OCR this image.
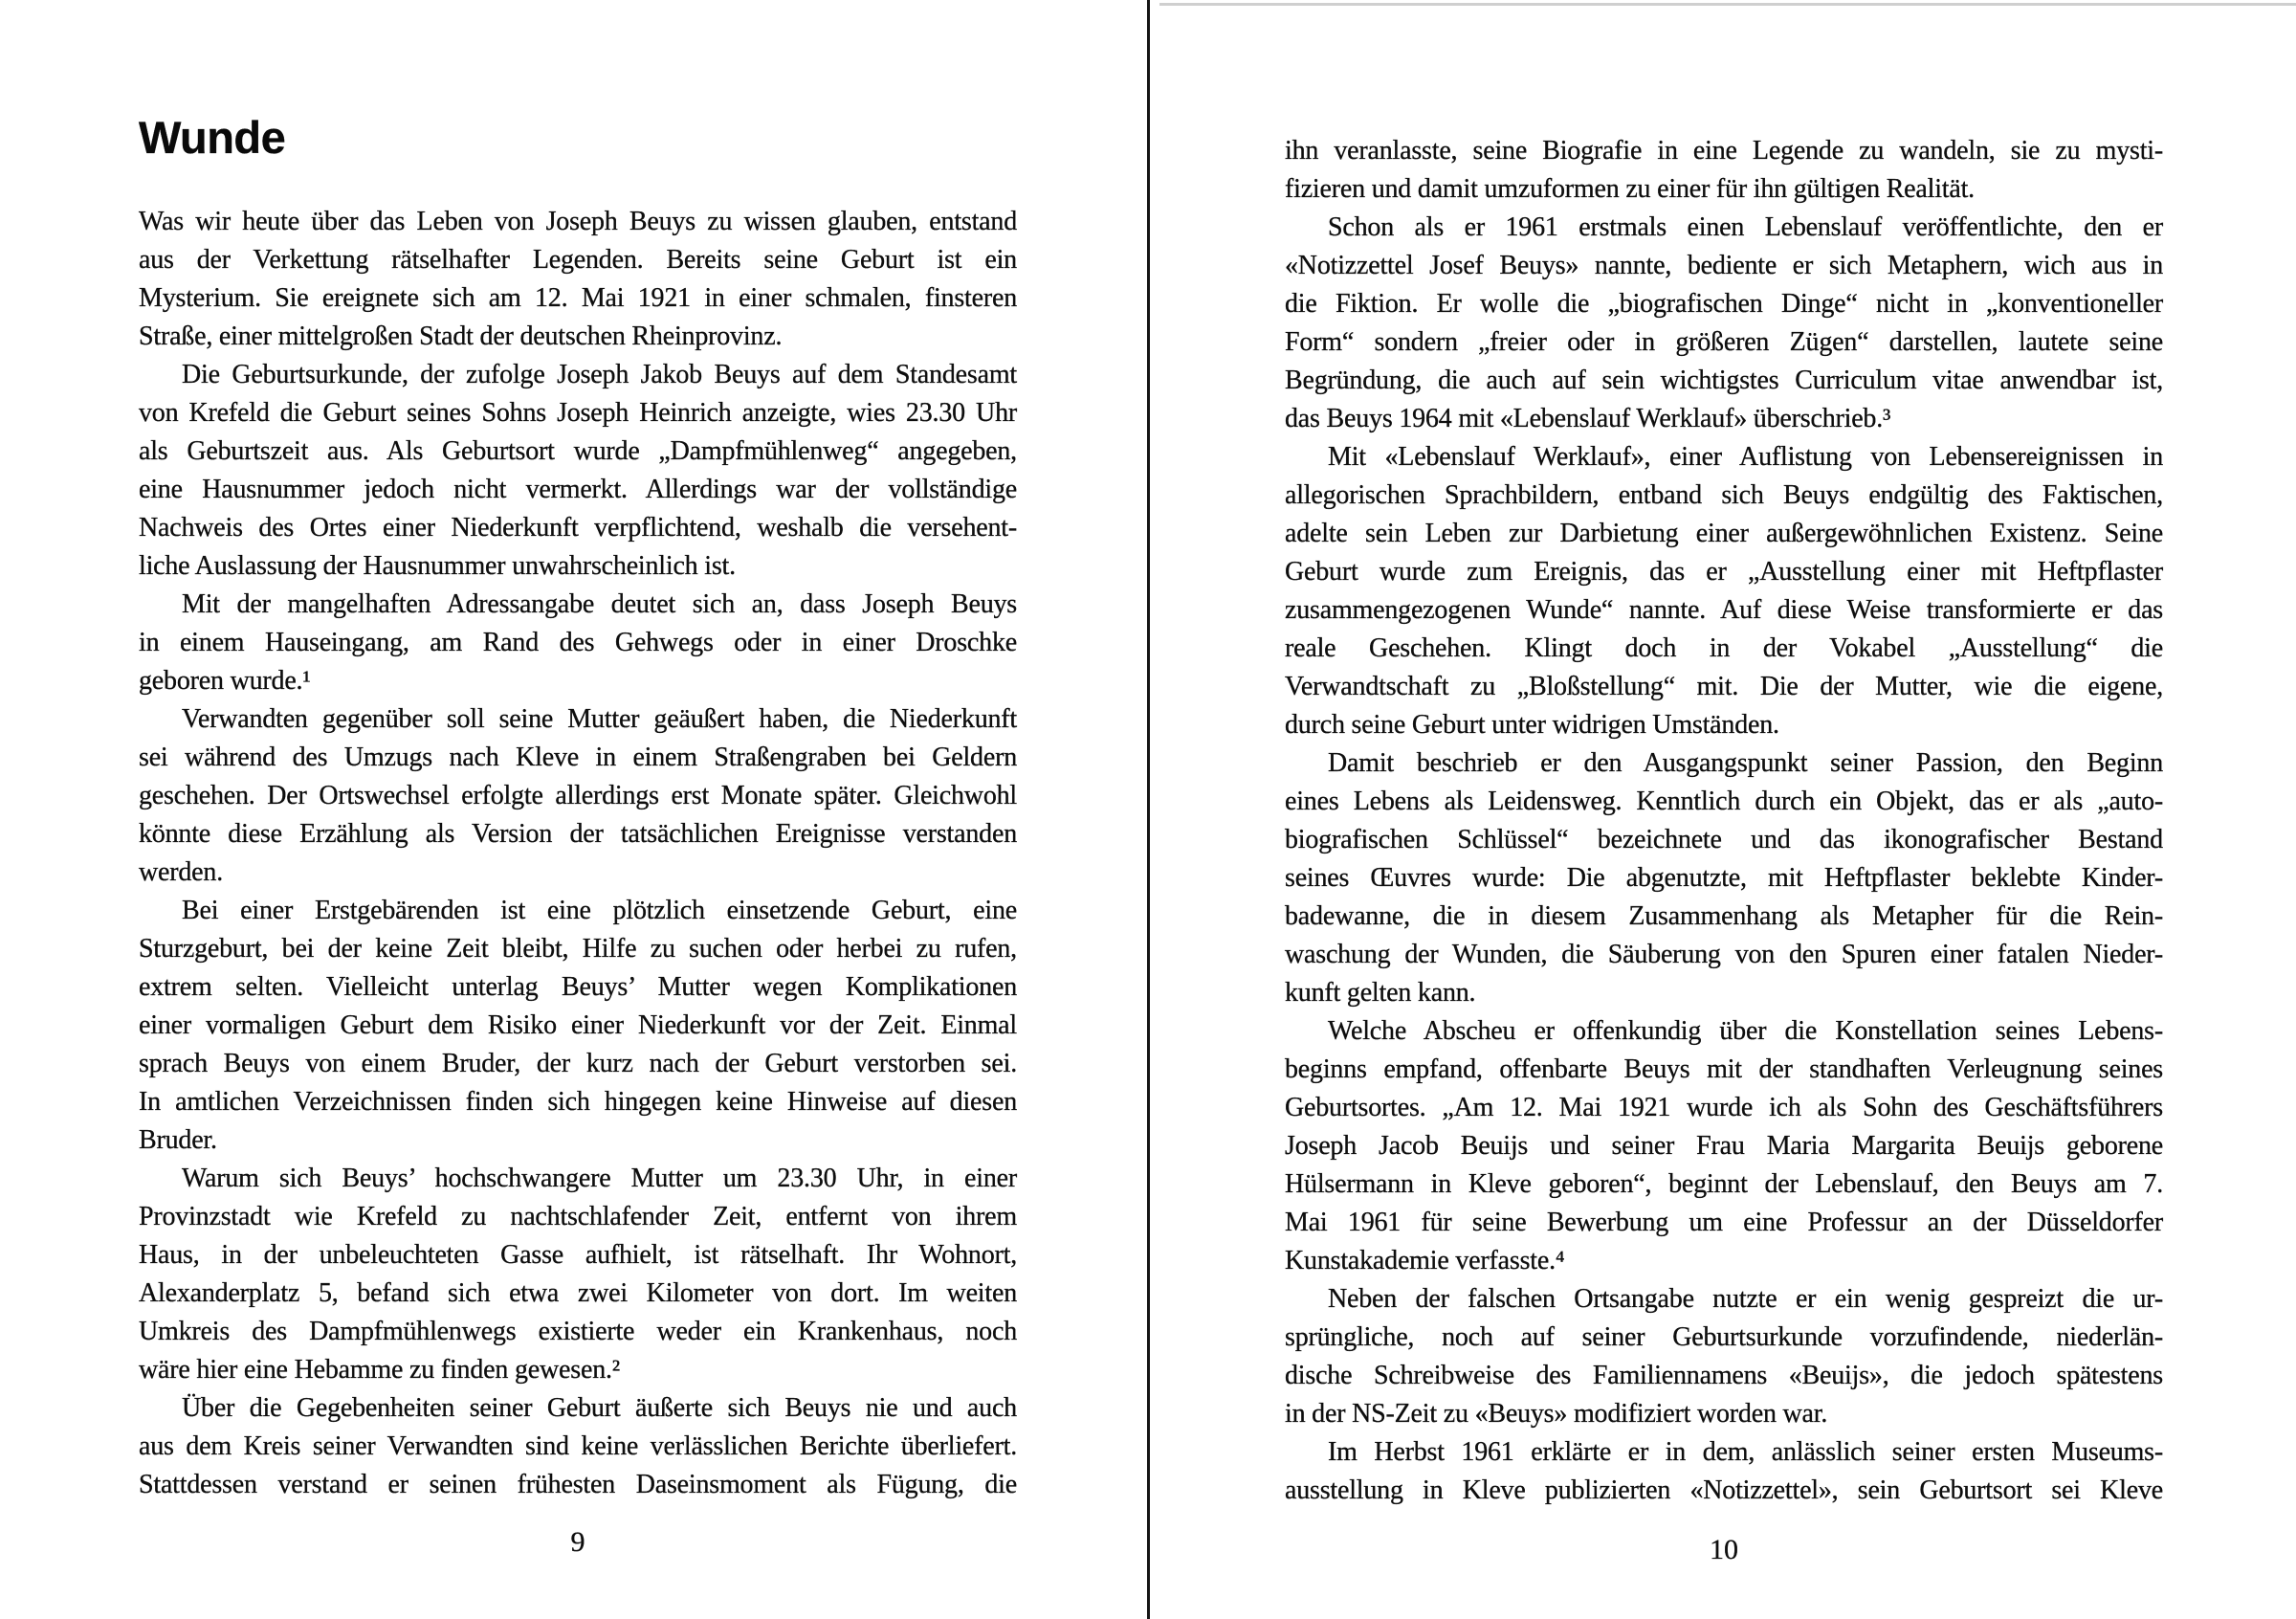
Wunde
Was wir heute über das Leben von Joseph Beuys zu wissen glauben, entstand
aus der Verkettung rätselhafter Legenden. Bereits seine Geburt ist ein
Mysterium. Sie ereignete sich am 12. Mai 1921 in einer schmalen, finsteren
Straße, einer mittelgroßen Stadt der deutschen Rheinprovinz.
Die Geburtsurkunde, der zufolge Joseph Jakob Beuys auf dem Standesamt
von Krefeld die Geburt seines Sohns Joseph Heinrich anzeigte, wies 23.30 Uhr
als Geburtszeit aus. Als Geburtsort wurde „Dampfmühlenweg“ angegeben,
eine Hausnummer jedoch nicht vermerkt. Allerdings war der vollständige
Nachweis des Ortes einer Niederkunft verpflichtend, weshalb die versehent-
liche Auslassung der Hausnummer unwahrscheinlich ist.
Mit der mangelhaften Adressangabe deutet sich an, dass Joseph Beuys
in einem Hauseingang, am Rand des Gehwegs oder in einer Droschke
geboren wurde.¹
Verwandten gegenüber soll seine Mutter geäußert haben, die Niederkunft
sei während des Umzugs nach Kleve in einem Straßengraben bei Geldern
geschehen. Der Ortswechsel erfolgte allerdings erst Monate später. Gleichwohl
könnte diese Erzählung als Version der tatsächlichen Ereignisse verstanden
werden.
Bei einer Erstgebärenden ist eine plötzlich einsetzende Geburt, eine
Sturzgeburt, bei der keine Zeit bleibt, Hilfe zu suchen oder herbei zu rufen,
extrem selten. Vielleicht unterlag Beuys’ Mutter wegen Komplikationen
einer vormaligen Geburt dem Risiko einer Niederkunft vor der Zeit. Einmal
sprach Beuys von einem Bruder, der kurz nach der Geburt verstorben sei.
In amtlichen Verzeichnissen finden sich hingegen keine Hinweise auf diesen
Bruder.
Warum sich Beuys’ hochschwangere Mutter um 23.30 Uhr, in einer
Provinzstadt wie Krefeld zu nachtschlafender Zeit, entfernt von ihrem
Haus, in der unbeleuchteten Gasse aufhielt, ist rätselhaft. Ihr Wohnort,
Alexanderplatz 5, befand sich etwa zwei Kilometer von dort. Im weiten
Umkreis des Dampfmühlenwegs existierte weder ein Krankenhaus, noch
wäre hier eine Hebamme zu finden gewesen.²
Über die Gegebenheiten seiner Geburt äußerte sich Beuys nie und auch
aus dem Kreis seiner Verwandten sind keine verlässlichen Berichte überliefert.
Stattdessen verstand er seinen frühesten Daseinsmoment als Fügung, die
9
ihn veranlasste, seine Biografie in eine Legende zu wandeln, sie zu mysti-
fizieren und damit umzuformen zu einer für ihn gültigen Realität.
Schon als er 1961 erstmals einen Lebenslauf veröffentlichte, den er
«Notizzettel Josef Beuys» nannte, bediente er sich Metaphern, wich aus in
die Fiktion. Er wolle die „biografischen Dinge“ nicht in „konventioneller
Form“ sondern „freier oder in größeren Zügen“ darstellen, lautete seine
Begründung, die auch auf sein wichtigstes Curriculum vitae anwendbar ist,
das Beuys 1964 mit «Lebenslauf Werklauf» überschrieb.³
Mit «Lebenslauf Werklauf», einer Auflistung von Lebensereignissen in
allegorischen Sprachbildern, entband sich Beuys endgültig des Faktischen,
adelte sein Leben zur Darbietung einer außergewöhnlichen Existenz. Seine
Geburt wurde zum Ereignis, das er „Ausstellung einer mit Heftpflaster
zusammengezogenen Wunde“ nannte. Auf diese Weise transformierte er das
reale Geschehen. Klingt doch in der Vokabel „Ausstellung“ die
Verwandtschaft zu „Bloßstellung“ mit. Die der Mutter, wie die eigene,
durch seine Geburt unter widrigen Umständen.
Damit beschrieb er den Ausgangspunkt seiner Passion, den Beginn
eines Lebens als Leidensweg. Kenntlich durch ein Objekt, das er als „auto-
biografischen Schlüssel“ bezeichnete und das ikonografischer Bestand
seines Œuvres wurde: Die abgenutzte, mit Heftpflaster beklebte Kinder-
badewanne, die in diesem Zusammenhang als Metapher für die Rein-
waschung der Wunden, die Säuberung von den Spuren einer fatalen Nieder-
kunft gelten kann.
Welche Abscheu er offenkundig über die Konstellation seines Lebens-
beginns empfand, offenbarte Beuys mit der standhaften Verleugnung seines
Geburtsortes. „Am 12. Mai 1921 wurde ich als Sohn des Geschäftsführers
Joseph Jacob Beuijs und seiner Frau Maria Margarita Beuijs geborene
Hülsermann in Kleve geboren“, beginnt der Lebenslauf, den Beuys am 7.
Mai 1961 für seine Bewerbung um eine Professur an der Düsseldorfer
Kunstakademie verfasste.⁴
Neben der falschen Ortsangabe nutzte er ein wenig gespreizt die ur-
sprüngliche, noch auf seiner Geburtsurkunde vorzufindende, niederlän-
dische Schreibweise des Familiennamens «Beuijs», die jedoch spätestens
in der NS-Zeit zu «Beuys» modifiziert worden war.
Im Herbst 1961 erklärte er in dem, anlässlich seiner ersten Museums-
ausstellung in Kleve publizierten «Notizzettel», sein Geburtsort sei Kleve
10
